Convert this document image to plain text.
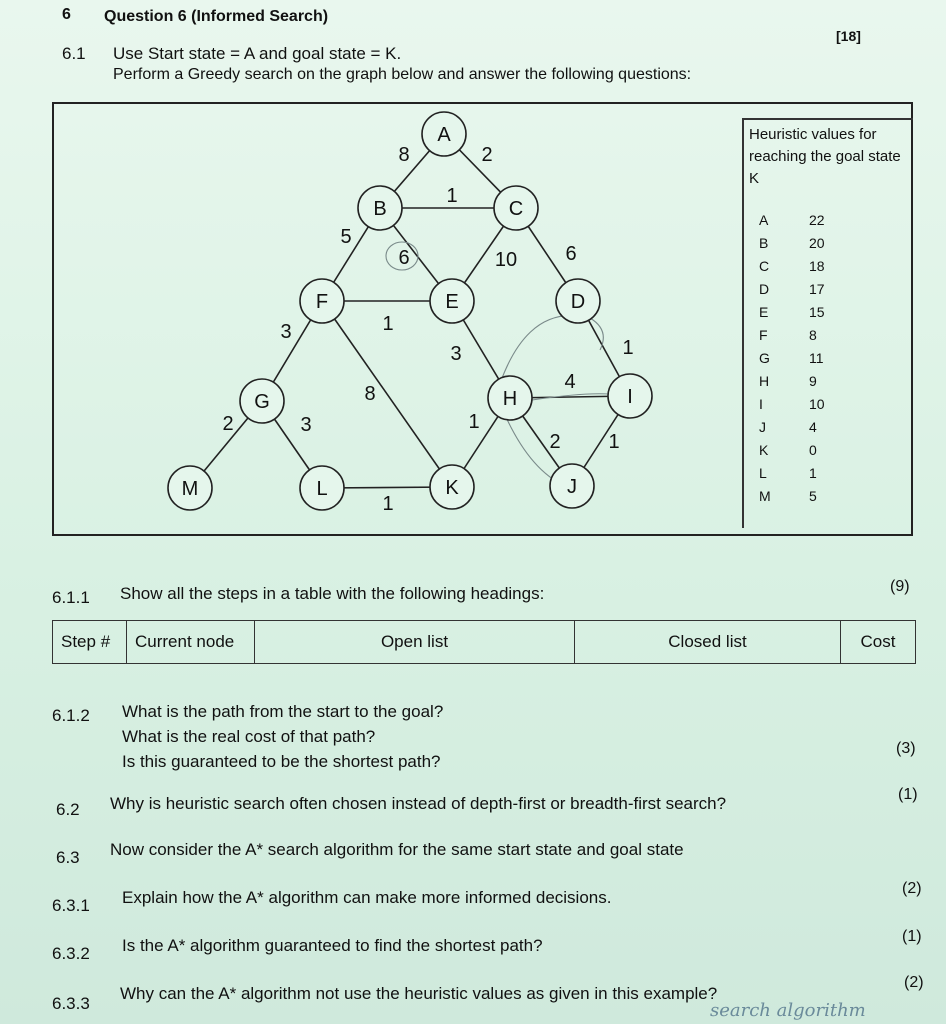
6 Question 6 (Informed Search)
[18]
6.1 Use Start state = A and goal state = K.
Perform a Greedy search on the graph below and answer the following questions:
A
B	C
D
E
F
G	H	I
J
K
L
M
8	2
1
5
6	10 6
1
3
3
8
1
4
2	3	1
2 1
1
Heuristic values for reaching the goal state K
A	22
B	20
C	18
D	17
E	15
F	8
G	11
H	9
I	10
J	4
K	0
L	1
M	5
6.1.1 Show all the steps in a table with the following headings:	(9)
Step #	Current node	Open list	Closed list	Cost
6.1.2 What is the path from the start to the goal?
What is the real cost of that path?
Is this guaranteed to be the shortest path?
(3)
6.2 Why is heuristic search often chosen instead of depth-first or breadth-first search?	(1)
6.3 Now consider the A* search algorithm for the same start state and goal state
6.3.1 Explain how the A* algorithm can make more informed decisions.	(2)
6.3.2 Is the A* algorithm guaranteed to find the shortest path?	(1)
6.3.3
Why can the A* algorithm not use the heuristic values as given in this example?
(2)
search algorithm
